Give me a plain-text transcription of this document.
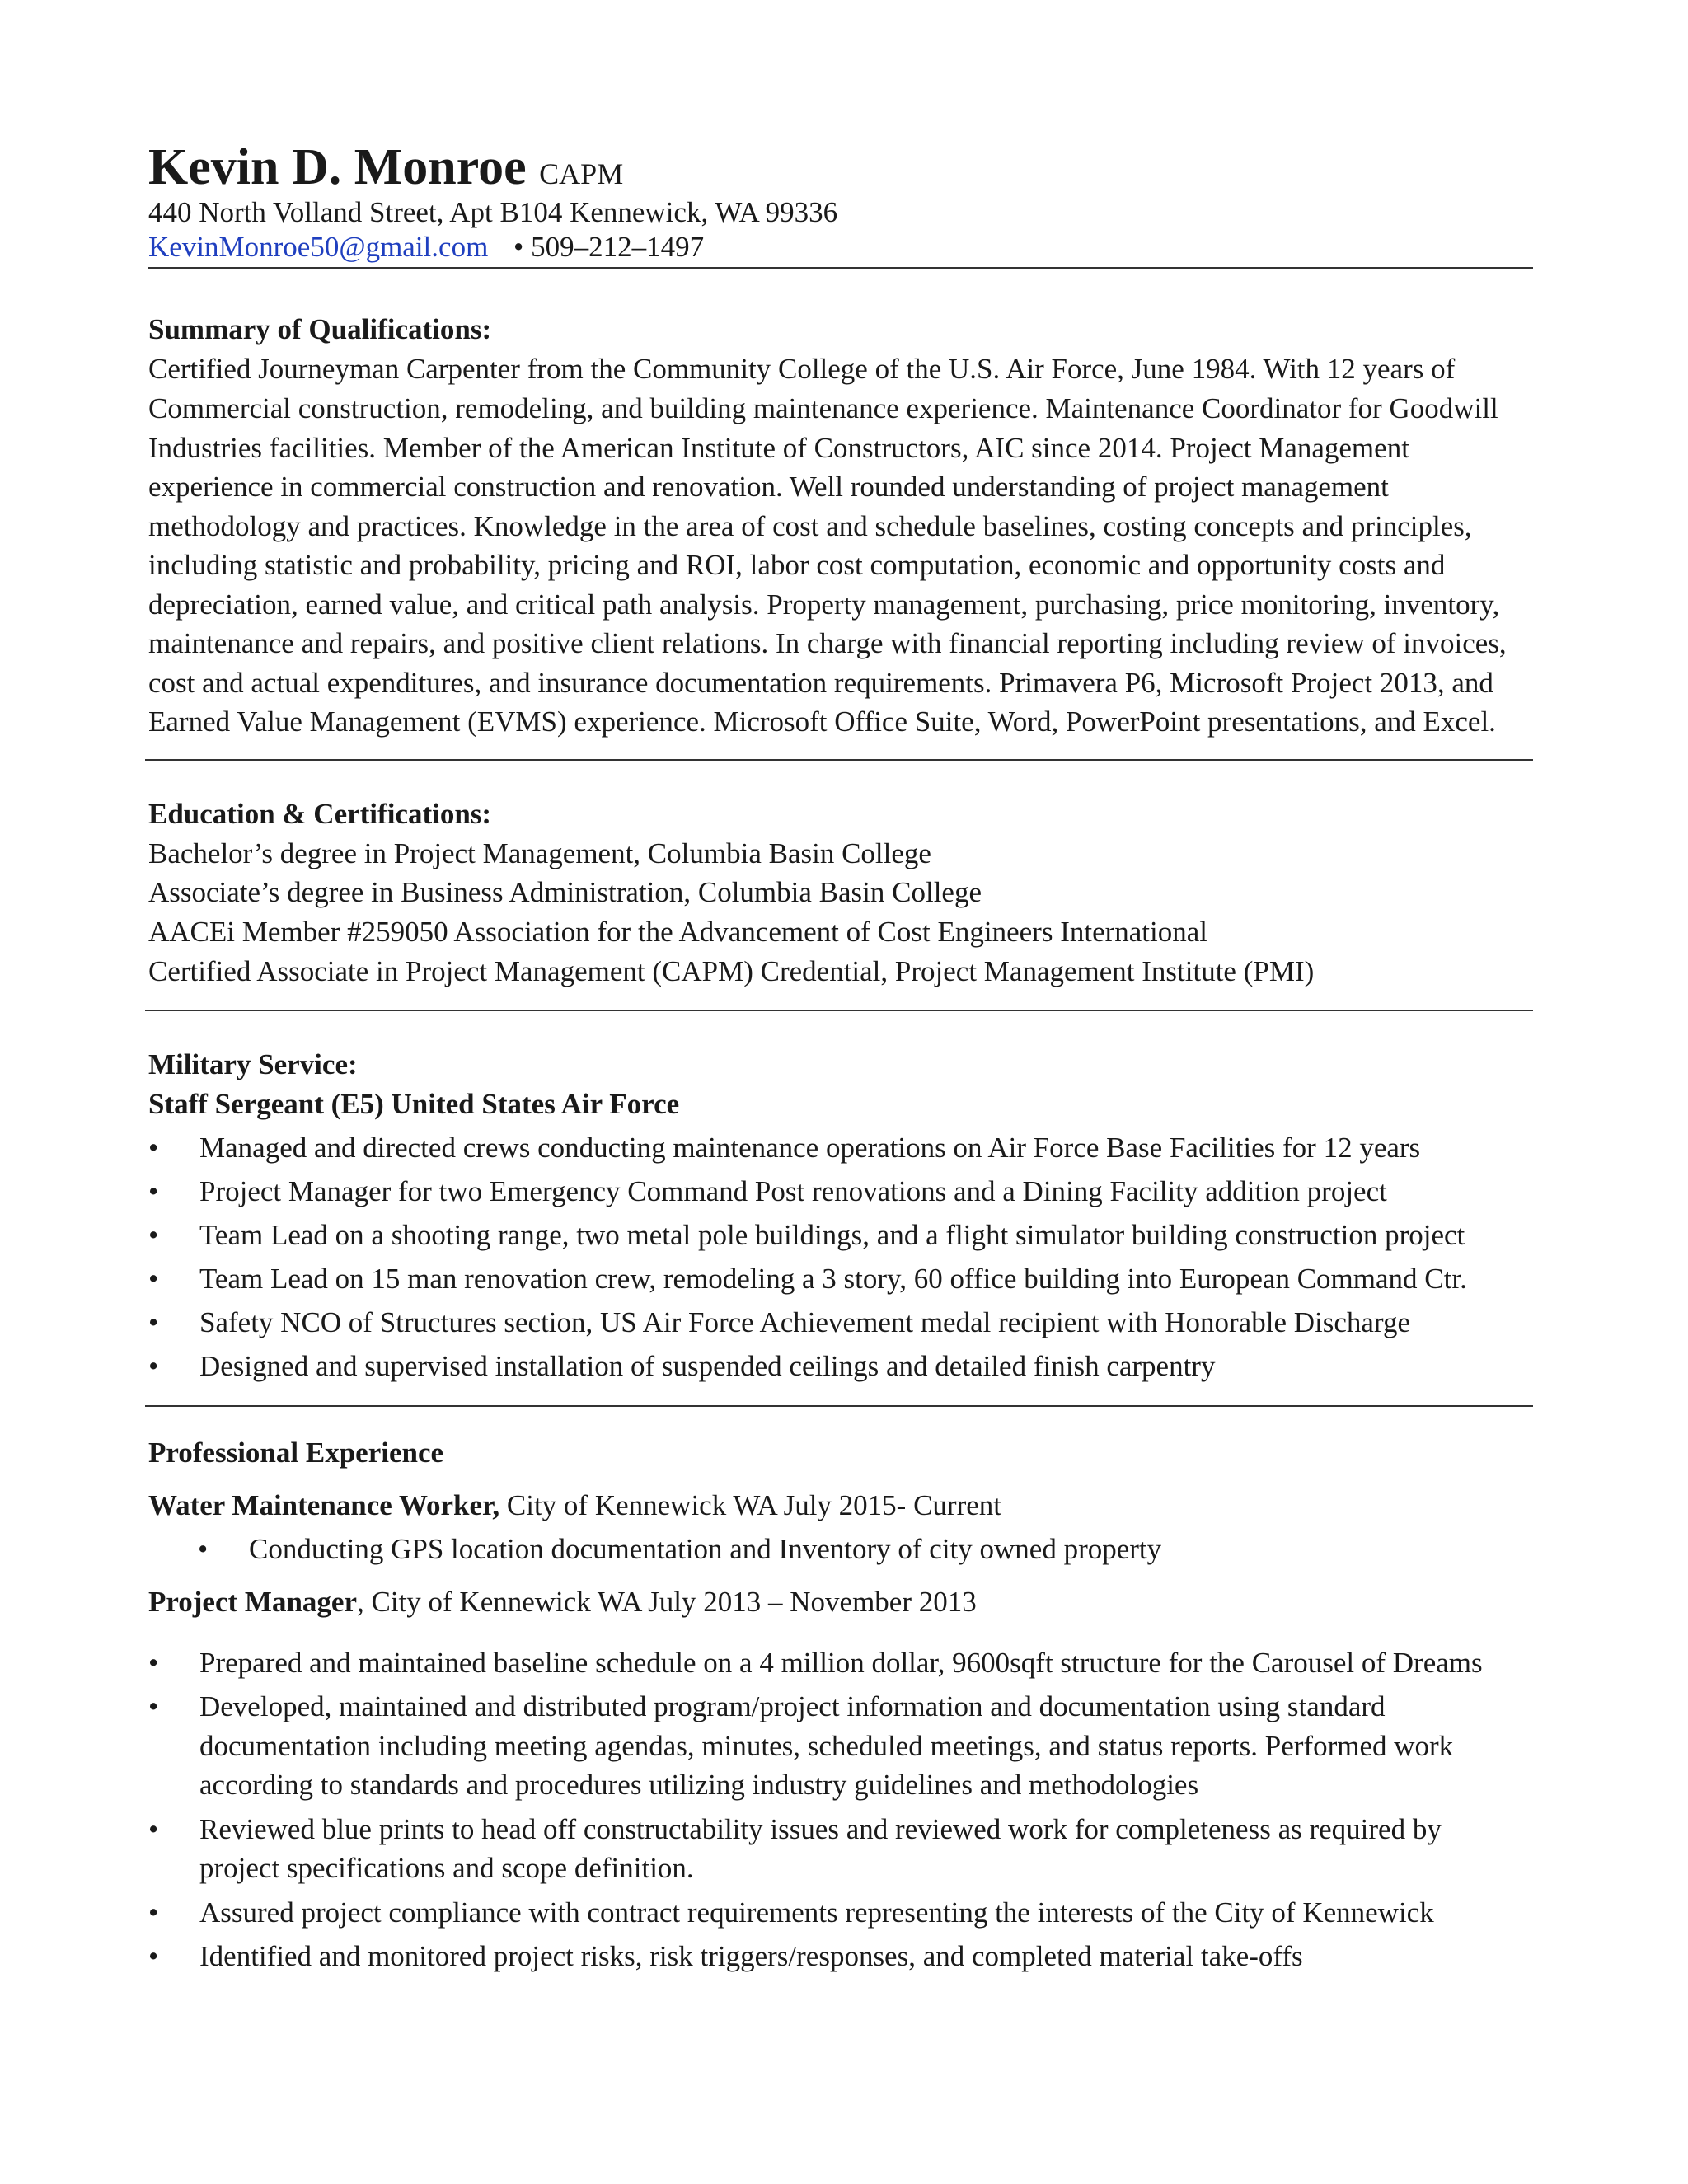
Kevin D. Monroe CAPM
440 North Volland Street, Apt B104 Kennewick, WA 99336
KevinMonroe50@gmail.com • 509–212–1497
Summary of Qualifications:
Certified Journeyman Carpenter from the Community College of the U.S. Air Force, June 1984. With 12 years of
Commercial construction, remodeling, and building maintenance experience. Maintenance Coordinator for Goodwill
Industries facilities. Member of the American Institute of Constructors, AIC since 2014. Project Management
experience in commercial construction and renovation. Well rounded understanding of project management
methodology and practices. Knowledge in the area of cost and schedule baselines, costing concepts and principles,
including statistic and probability, pricing and ROI, labor cost computation, economic and opportunity costs and
depreciation, earned value, and critical path analysis. Property management, purchasing, price monitoring, inventory,
maintenance and repairs, and positive client relations. In charge with financial reporting including review of invoices,
cost and actual expenditures, and insurance documentation requirements. Primavera P6, Microsoft Project 2013, and
Earned Value Management (EVMS) experience. Microsoft Office Suite, Word, PowerPoint presentations, and Excel.
Education & Certifications:
Bachelor’s degree in Project Management, Columbia Basin College
Associate’s degree in Business Administration, Columbia Basin College
AACEi Member #259050 Association for the Advancement of Cost Engineers International
Certified Associate in Project Management (CAPM) Credential, Project Management Institute (PMI)
Military Service:
Staff Sergeant (E5) United States Air Force
•	Managed and directed crews conducting maintenance operations on Air Force Base Facilities for 12 years
•	Project Manager for two Emergency Command Post renovations and a Dining Facility addition project
•	Team Lead on a shooting range, two metal pole buildings, and a flight simulator building construction project
•	Team Lead on 15 man renovation crew, remodeling a 3 story, 60 office building into European Command Ctr.
•	Safety NCO of Structures section, US Air Force Achievement medal recipient with Honorable Discharge
•	Designed and supervised installation of suspended ceilings and detailed finish carpentry
Professional Experience
Water Maintenance Worker, City of Kennewick WA July 2015- Current
•	Conducting GPS location documentation and Inventory of city owned property
Project Manager, City of Kennewick WA July 2013 – November 2013
•	Prepared and maintained baseline schedule on a 4 million dollar, 9600sqft structure for the Carousel of Dreams
•	Developed, maintained and distributed program/project information and documentation using standard
documentation including meeting agendas, minutes, scheduled meetings, and status reports. Performed work
according to standards and procedures utilizing industry guidelines and methodologies
•	Reviewed blue prints to head off constructability issues and reviewed work for completeness as required by
project specifications and scope definition.
•	Assured project compliance with contract requirements representing the interests of the City of Kennewick
•	Identified and monitored project risks, risk triggers/responses, and completed material take-offs
